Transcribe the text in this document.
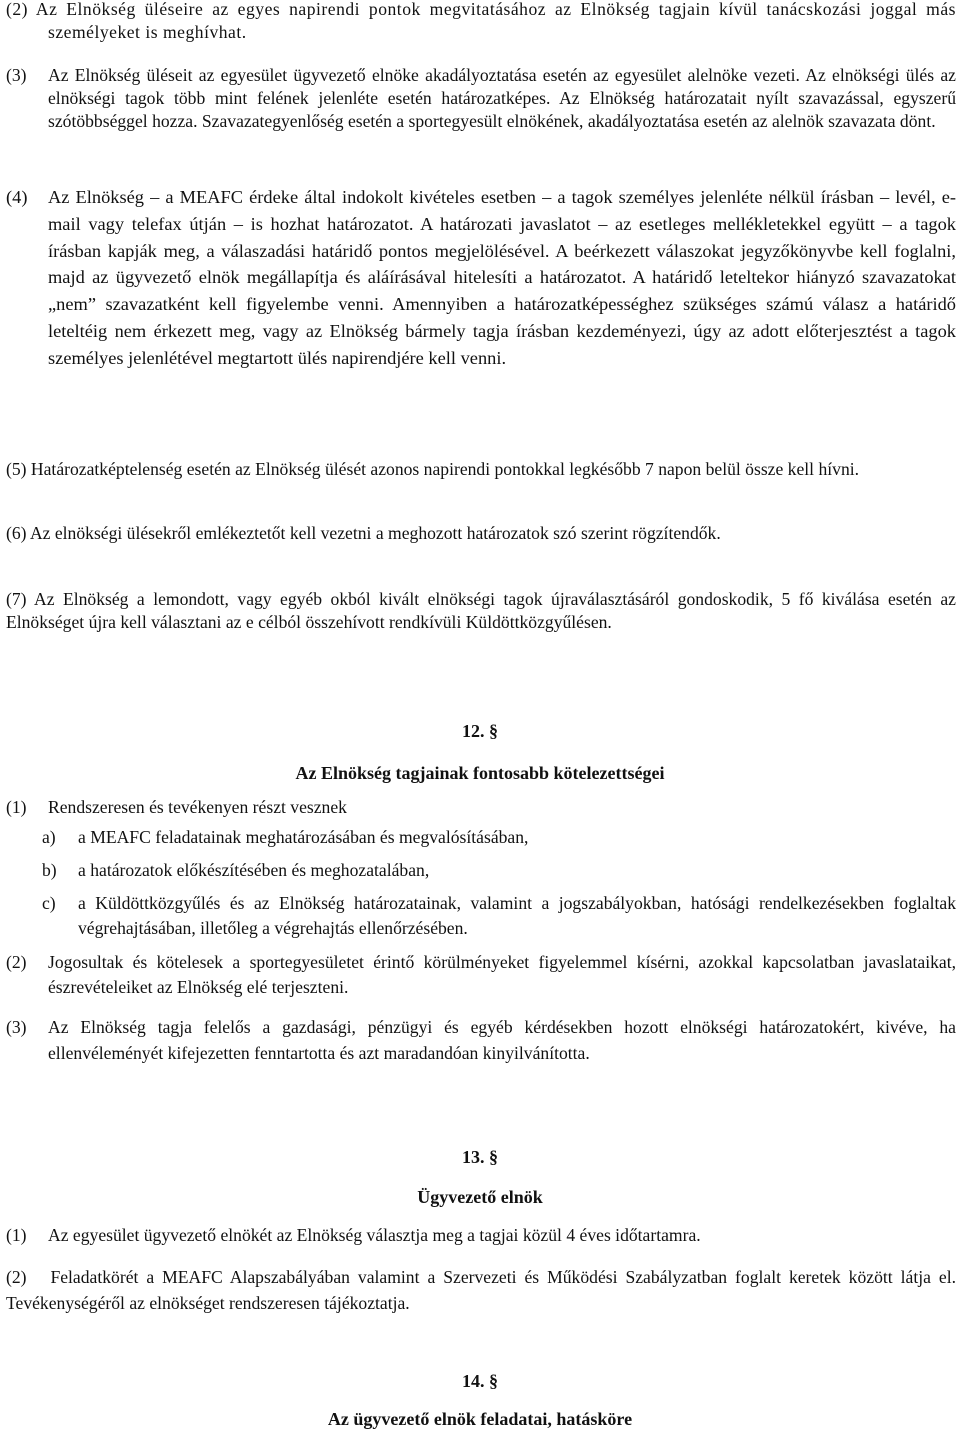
(2) Az Elnökség üléseire az egyes napirendi pontok megvitatásához az Elnökség tagjain kívül tanácskozási joggal más személyeket is meghívhat.
(3) Az Elnökség üléseit az egyesület ügyvezető elnöke akadályoztatása esetén az egyesület alelnöke vezeti. Az elnökségi ülés az elnökségi tagok több mint felének jelenléte esetén határozatképes. Az Elnökség határozatait nyílt szavazással, egyszerű szótöbbséggel hozza. Szavazategyenlőség esetén a sportegyesült elnökének, akadályoztatása esetén az alelnök szavazata dönt.
(4) Az Elnökség – a MEAFC érdeke által indokolt kivételes esetben – a tagok személyes jelenléte nélkül írásban – levél, e-mail vagy telefax útján – is hozhat határozatot. A határozati javaslatot – az esetleges mellékletekkel együtt – a tagok írásban kapják meg, a válaszadási határidő pontos megjelölésével. A beérkezett válaszokat jegyzőkönyvbe kell foglalni, majd az ügyvezető elnök megállapítja és aláírásával hitelesíti a határozatot. A határidő leteltekor hiányzó szavazatokat „nem” szavazatként kell figyelembe venni. Amennyiben a határozatképességhez szükséges számú válasz a határidő leteltéig nem érkezett meg, vagy az Elnökség bármely tagja írásban kezdeményezi, úgy az adott előterjesztést a tagok személyes jelenlétével megtartott ülés napirendjére kell venni.
(5) Határozatképtelenség esetén az Elnökség ülését azonos napirendi pontokkal legkésőbb 7 napon belül össze kell hívni.
(6) Az elnökségi ülésekről emlékeztetőt kell vezetni a meghozott határozatok szó szerint rögzítendők.
(7) Az Elnökség a lemondott, vagy egyéb okból kivált elnökségi tagok újraválasztásáról gondoskodik, 5 fő kiválása esetén az Elnökséget újra kell választani az e célból összehívott rendkívüli Küldöttközgyűlésen.
12. §
Az Elnökség tagjainak fontosabb kötelezettségei
(1) Rendszeresen és tevékenyen részt vesznek
a) a MEAFC feladatainak meghatározásában és megvalósításában,
b) a határozatok előkészítésében és meghozatalában,
c) a Küldöttközgyűlés és az Elnökség határozatainak, valamint a jogszabályokban, hatósági rendelkezésekben foglaltak végrehajtásában, illetőleg a végrehajtás ellenőrzésében.
(2) Jogosultak és kötelesek a sportegyesületet érintő körülményeket figyelemmel kísérni, azokkal kapcsolatban javaslataikat, észrevételeiket az Elnökség elé terjeszteni.
(3) Az Elnökség tagja felelős a gazdasági, pénzügyi és egyéb kérdésekben hozott elnökségi határozatokért, kivéve, ha ellenvéleményét kifejezetten fenntartotta és azt maradandóan kinyilvánította.
13. §
Ügyvezető elnök
(1) Az egyesület ügyvezető elnökét az Elnökség választja meg a tagjai közül 4 éves időtartamra.
(2) Feladatkörét a MEAFC Alapszabályában valamint a Szervezeti és Működési Szabályzatban foglalt keretek között látja el. Tevékenységéről az elnökséget rendszeresen tájékoztatja.
14. §
Az ügyvezető elnök feladatai, hatásköre
